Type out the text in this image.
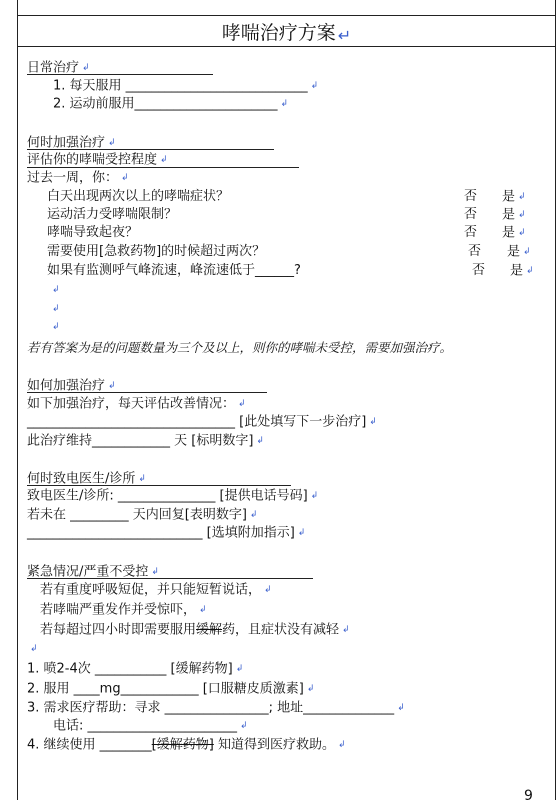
哮喘治疗方案 ↵
日常治疗 ↲
1. 每天服用 ____________________________ ↲
2. 运动前服用______________________ ↲
何时加强治疗 ↲
评估你的哮喘受控程度 ↲
过去一周，你： ↲
白天出现两次以上的哮喘症状？	否 是 ↲
运动活力受哮喘限制？	否 是 ↲
哮喘导致起夜？	否 是 ↲
需要使用[急救药物]的时候超过两次？	否 是 ↲
如果有监测呼气峰流速，峰流速低于______?	否 是 ↲
↲
↲
↲
若有答案为是的问题数量为三个及以上，则你的哮喘未受控，需要加强治疗。
如何加强治疗 ↲
如下加强治疗，每天评估改善情况： ↲
________________________________ [此处填写下一步治疗] ↲
此治疗维持____________ 天 [标明数字] ↲
何时致电医生/诊所 ↲
致电医生/诊所: _______________ [提供电话号码] ↲
若未在 _________ 天内回复[表明数字] ↲
___________________________ [选填附加指示] ↲
紧急情况/严重不受控 ↲
若有重度呼吸短促，并只能短暂说话， ↲
若哮喘严重发作并受惊吓， ↲
若每超过四小时即需要服用缓解药，且症状没有减轻 ↲
↲
1. 喷2-4次 ___________ [缓解药物] ↲
2. 服用 ____mg____________ [口服糖皮质激素] ↲
3. 需求医疗帮助：寻求 ________________; 地址______________ ↲
电话: _______________________ ↲
4. 继续使用 ________[缓解药物] 知道得到医疗救助。 ↲
9
